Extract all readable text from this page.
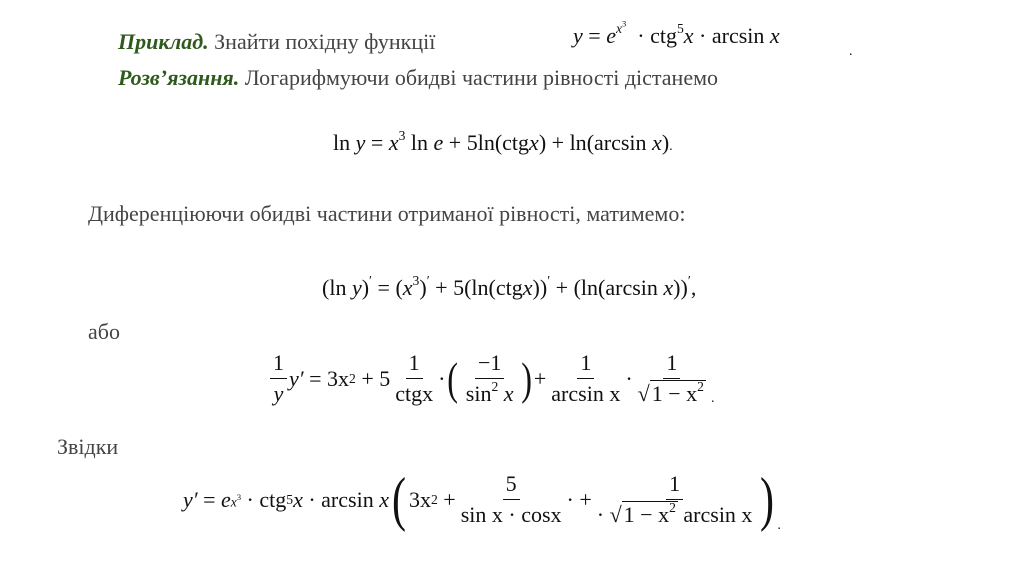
Приклад. Знайти похідну функції	$y = e^{x^3} \cdot ctg^5x \cdot \arcsin x$
.
Розв’язання. Логарифмуючи обидві частини рівності дістанемо
$\ln y = x^3$ ln e + 5ln(ctgx) + ln(arcsin x).
Диференціюючи обидві частини отриманої рівності, матимемо:
(ln $y)' = (x^3)'$ + 5(ln(ctgx))′ + (ln(arcsin x))′,
або
$\frac{1}{y} y'$
=
3x 2
+
$5 \frac{1}{\text{ctgx}}$ · ( $\frac{-1}{\sin^2 x}$ ) + $\frac{1}{\text{arcsin x}} \cdot \frac{1}{√1 - x^2}$ .
Звідки
y′
=
e $x^3$ · ctg 5 x · arcsin
x ( 3x 2
+ $\frac{5}{\text{sin x · cosx}}$ · + $\frac{1}{\cdot √1 - x^2 \arcsin x}$ ) .
